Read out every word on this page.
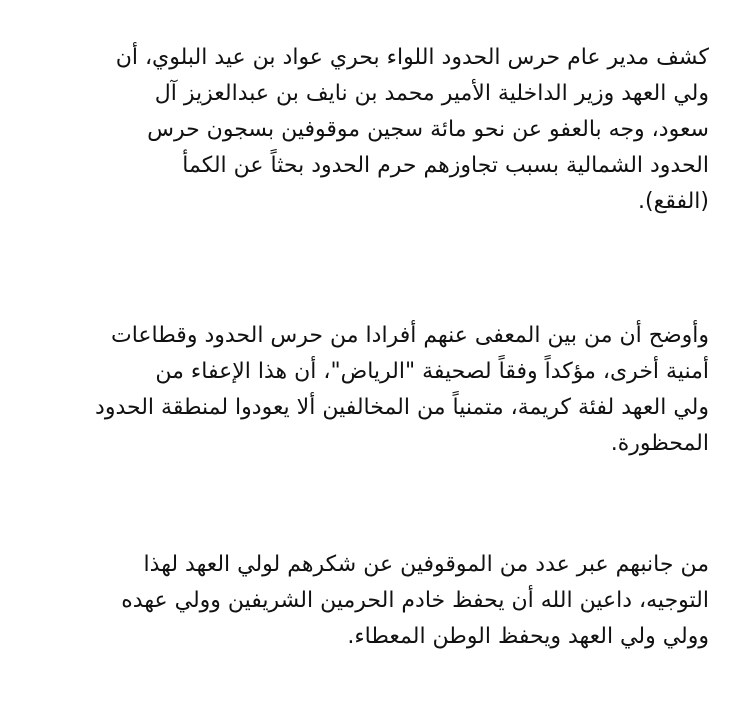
كشف مدير عام حرس الحدود اللواء بحري عواد بن عيد البلوي، أن
ولي العهد وزير الداخلية الأمير محمد بن نايف بن عبدالعزيز آل
سعود، وجه بالعفو عن نحو مائة سجين موقوفين بسجون حرس
الحدود الشمالية بسبب تجاوزهم حرم الحدود بحثاً عن الكمأ
(الفقع).
وأوضح أن من بين المعفى عنهم أفرادا من حرس الحدود وقطاعات
أمنية أخرى، مؤكداً وفقاً لصحيفة "الرياض"، أن هذا الإعفاء من
ولي العهد لفئة كريمة، متمنياً من المخالفين ألا يعودوا لمنطقة الحدود
المحظورة.
من جانبهم عبر عدد من الموقوفين عن شكرهم لولي العهد لهذا
التوجيه، داعين الله أن يحفظ خادم الحرمين الشريفين وولي عهده
وولي ولي العهد ويحفظ الوطن المعطاء.
